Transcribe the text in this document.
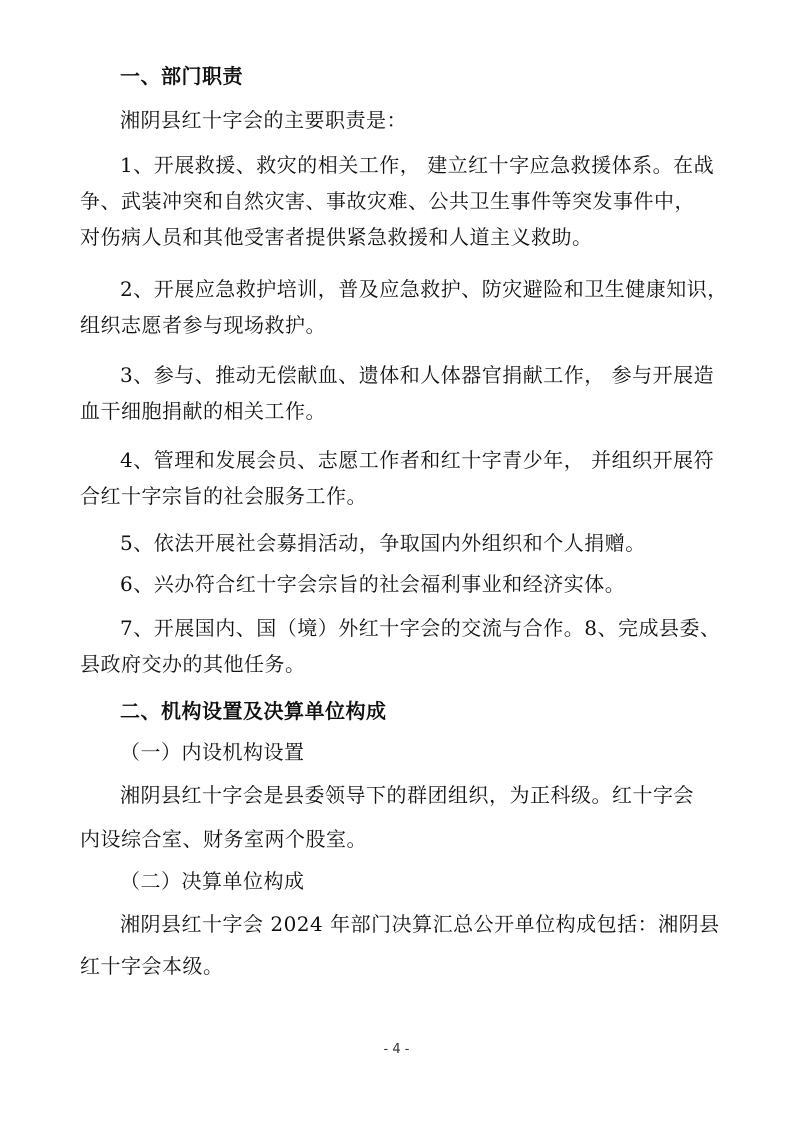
一、部门职责
湘阴县红十字会的主要职责是：
1、开展救援、救灾的相关工作， 建立红十字应急救援体系。在战
争、武装冲突和自然灾害、事故灾难、公共卫生事件等突发事件中，
对伤病人员和其他受害者提供紧急救援和人道主义救助。
2、开展应急救护培训，普及应急救护、防灾避险和卫生健康知识，
组织志愿者参与现场救护。
3、参与、推动无偿献血、遗体和人体器官捐献工作， 参与开展造
血干细胞捐献的相关工作。
4、管理和发展会员、志愿工作者和红十字青少年， 并组织开展符
合红十字宗旨的社会服务工作。
5、依法开展社会募捐活动，争取国内外组织和个人捐赠。
6、兴办符合红十字会宗旨的社会福利事业和经济实体。
7、开展国内、国（境）外红十字会的交流与合作。8、完成县委、
县政府交办的其他任务。
二、机构设置及决算单位构成
（一）内设机构设置
湘阴县红十字会是县委领导下的群团组织，为正科级。红十字会
内设综合室、财务室两个股室。
（二）决算单位构成
湘阴县红十字会 2024 年部门决算汇总公开单位构成包括：湘阴县
红十字会本级。
- 4 -
